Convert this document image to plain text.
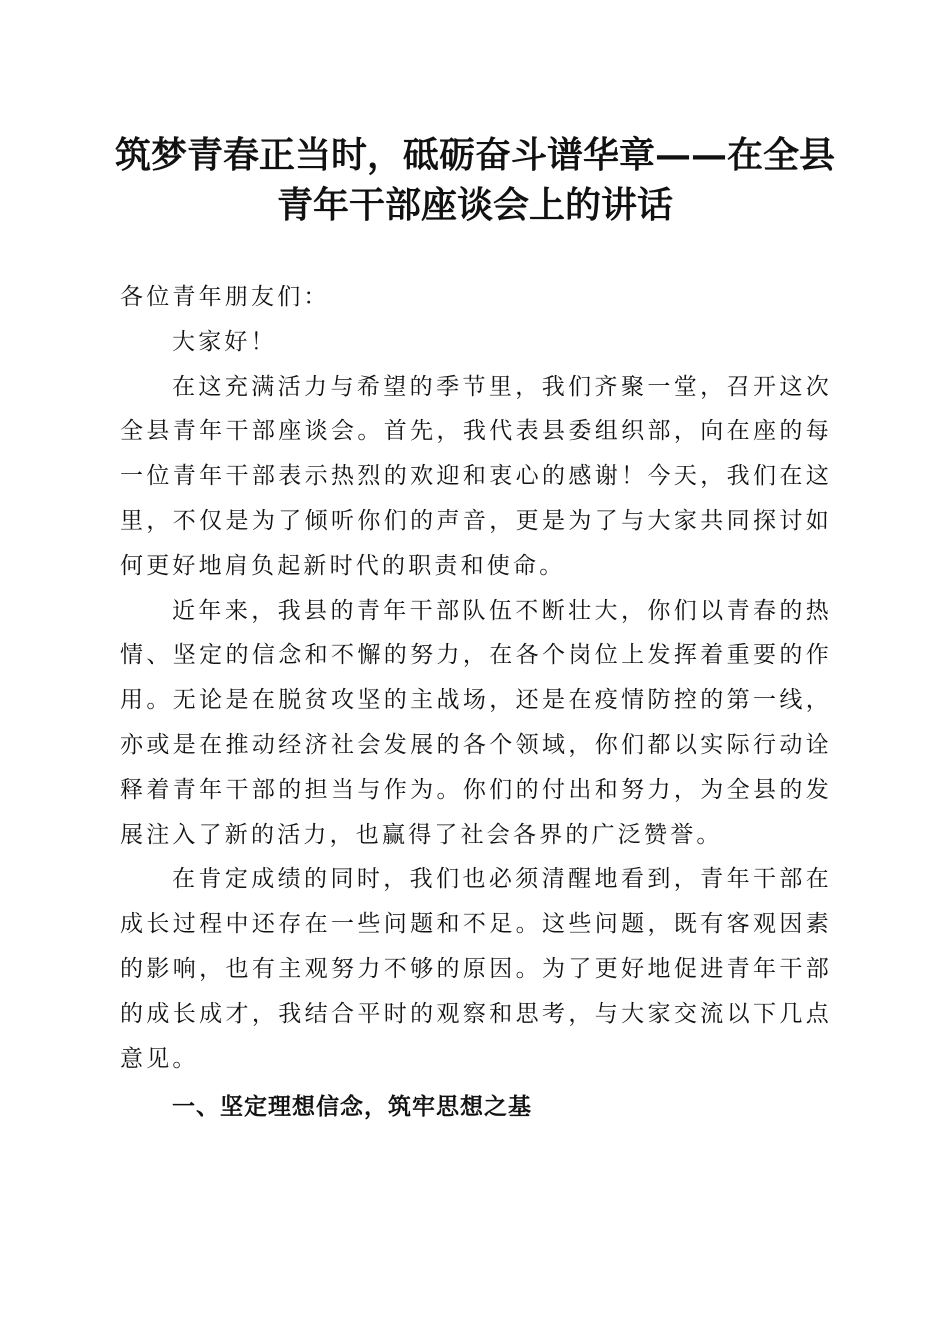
筑梦青春正当时，砥砺奋斗谱华章——在全县
青年干部座谈会上的讲话

各位青年朋友们：

大家好！

在这充满活力与希望的季节里，我们齐聚一堂，召开这次全县青年干部座谈会。首先，我代表县委组织部，向在座的每一位青年干部表示热烈的欢迎和衷心的感谢！今天，我们在这里，不仅是为了倾听你们的声音，更是为了与大家共同探讨如何更好地肩负起新时代的职责和使命。

近年来，我县的青年干部队伍不断壮大，你们以青春的热情、坚定的信念和不懈的努力，在各个岗位上发挥着重要的作用。无论是在脱贫攻坚的主战场，还是在疫情防控的第一线，亦或是在推动经济社会发展的各个领域，你们都以实际行动诠释着青年干部的担当与作为。你们的付出和努力，为全县的发展注入了新的活力，也赢得了社会各界的广泛赞誉。

在肯定成绩的同时，我们也必须清醒地看到，青年干部在成长过程中还存在一些问题和不足。这些问题，既有客观因素的影响，也有主观努力不够的原因。为了更好地促进青年干部的成长成才，我结合平时的观察和思考，与大家交流以下几点意见。

一、坚定理想信念，筑牢思想之基
